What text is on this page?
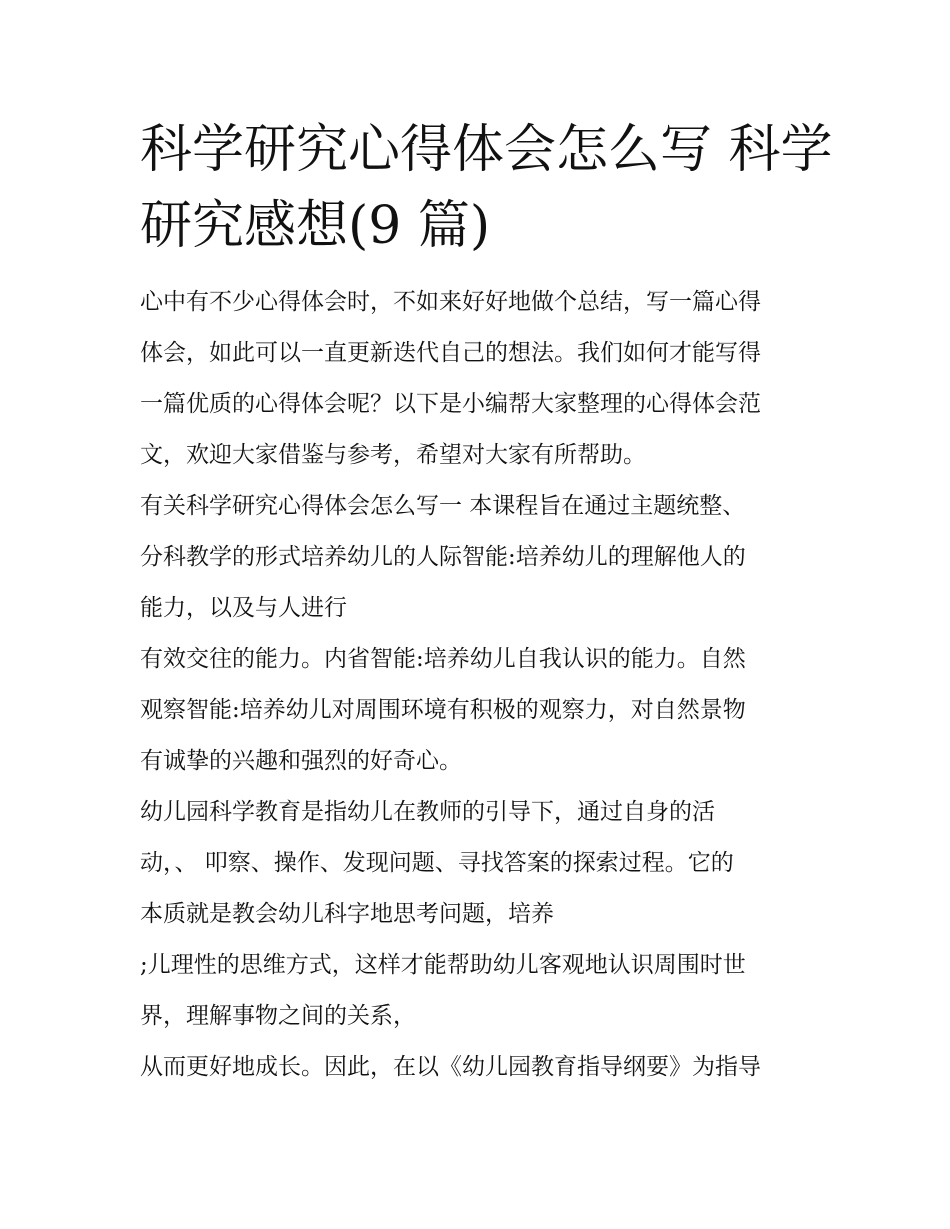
科学研究心得体会怎么写 科学
研究感想(9 篇)
心中有不少心得体会时，不如来好好地做个总结，写一篇心得
体会，如此可以一直更新迭代自己的想法。我们如何才能写得
一篇优质的心得体会呢？以下是小编帮大家整理的心得体会范
文，欢迎大家借鉴与参考，希望对大家有所帮助。
有关科学研究心得体会怎么写一 本课程旨在通过主题统整、
分科教学的形式培养幼儿的人际智能:培养幼儿的理解他人的
能力，以及与人进行
有效交往的能力。内省智能:培养幼儿自我认识的能力。自然
观察智能:培养幼儿对周围环境有积极的观察力，对自然景物
有诚挚的兴趣和强烈的好奇心。
幼儿园科学教育是指幼儿在教师的引导下，通过自身的活
动，、 叩察、操作、发现问题、寻找答案的探索过程。它的
本质就是教会幼儿科字地思考问题，培养
;儿理性的思维方式，这样才能帮助幼儿客观地认识周围时世
界，理解事物之间的关系，
从而更好地成长。因此，在以《幼儿园教育指导纲要》为指导
